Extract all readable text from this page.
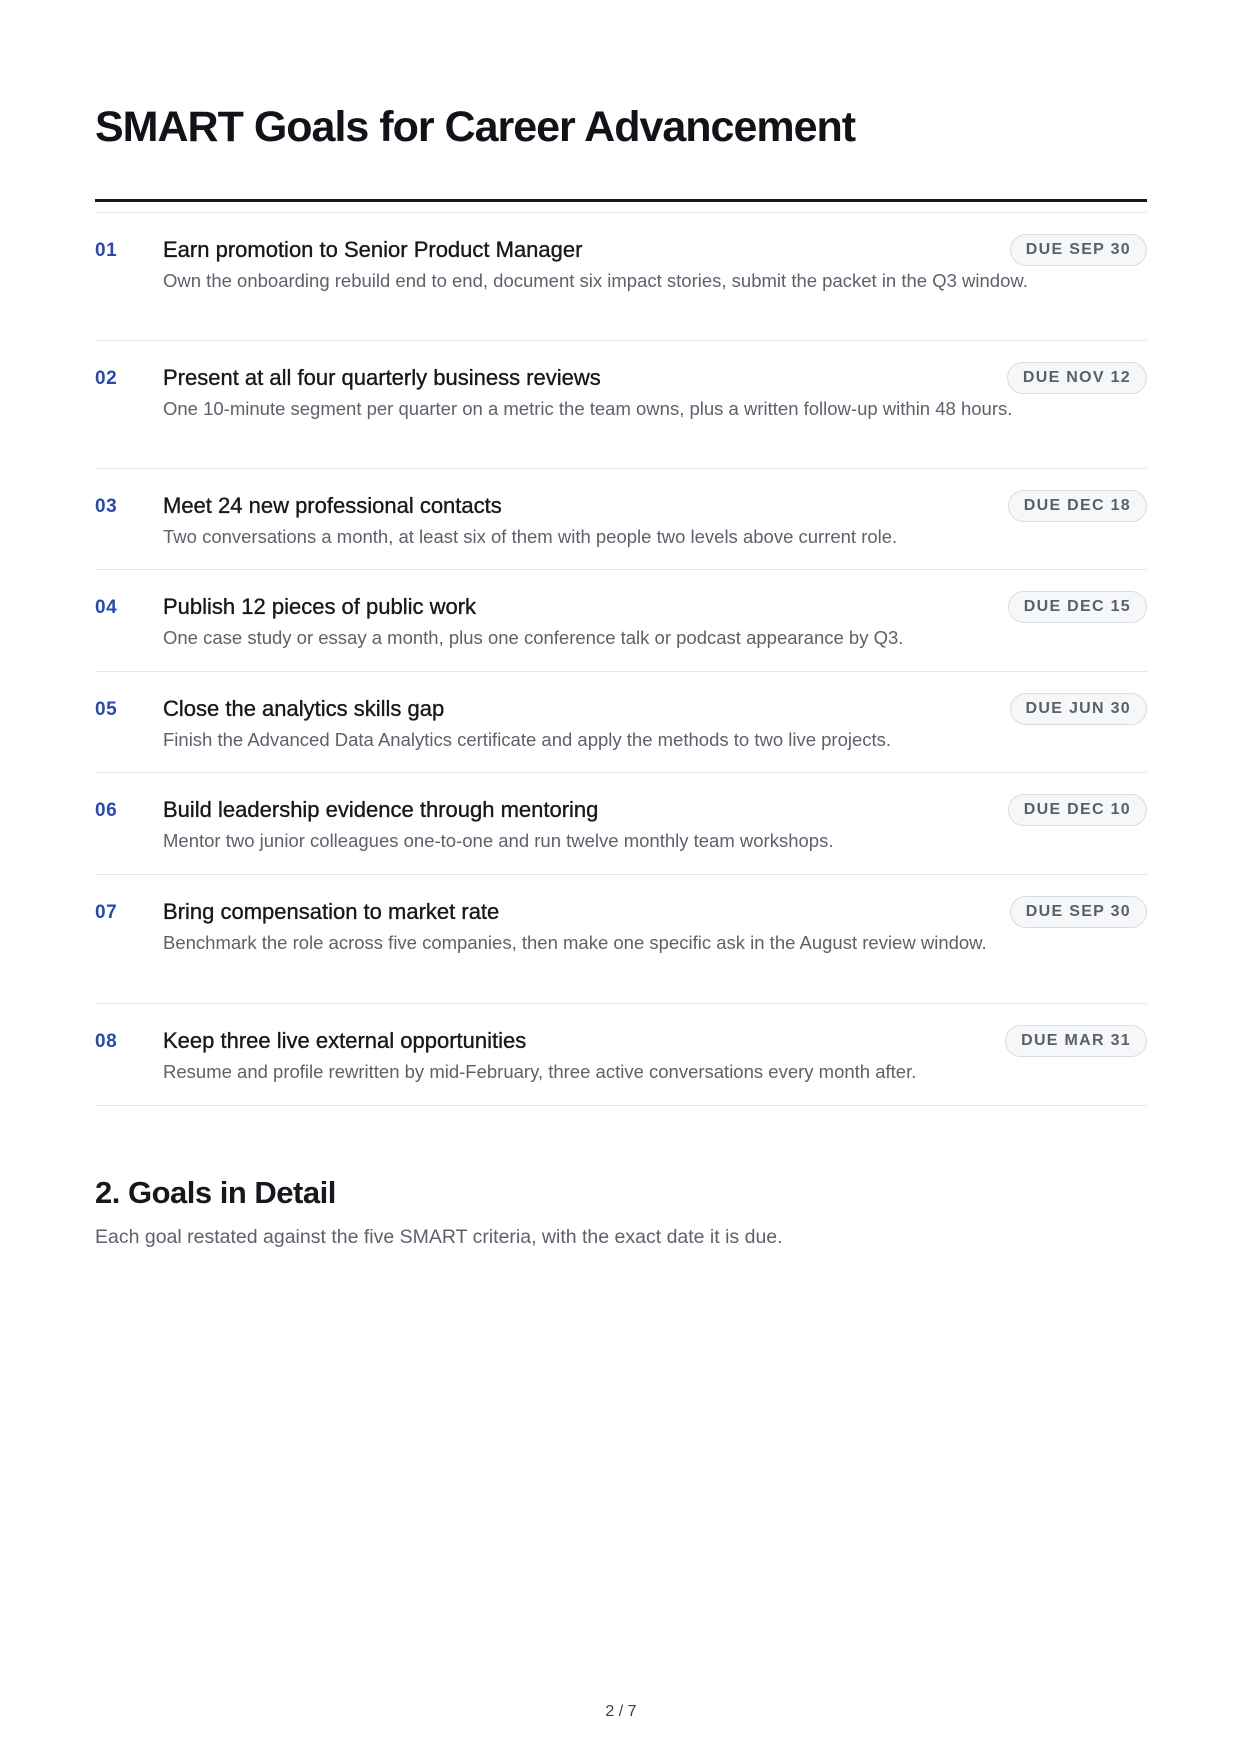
SMART Goals for Career Advancement
01 Earn promotion to Senior Product Manager
Own the onboarding rebuild end to end, document six impact stories, submit the packet in the Q3 window.
DUE SEP 30
02 Present at all four quarterly business reviews
One 10-minute segment per quarter on a metric the team owns, plus a written follow-up within 48 hours.
DUE NOV 12
03 Meet 24 new professional contacts
Two conversations a month, at least six of them with people two levels above current role.
DUE DEC 18
04 Publish 12 pieces of public work
One case study or essay a month, plus one conference talk or podcast appearance by Q3.
DUE DEC 15
05 Close the analytics skills gap
Finish the Advanced Data Analytics certificate and apply the methods to two live projects.
DUE JUN 30
06 Build leadership evidence through mentoring
Mentor two junior colleagues one-to-one and run twelve monthly team workshops.
DUE DEC 10
07 Bring compensation to market rate
Benchmark the role across five companies, then make one specific ask in the August review window.
DUE SEP 30
08 Keep three live external opportunities
Resume and profile rewritten by mid-February, three active conversations every month after.
DUE MAR 31
2. Goals in Detail

Each goal restated against the five SMART criteria, with the exact date it is due.

2 / 7
